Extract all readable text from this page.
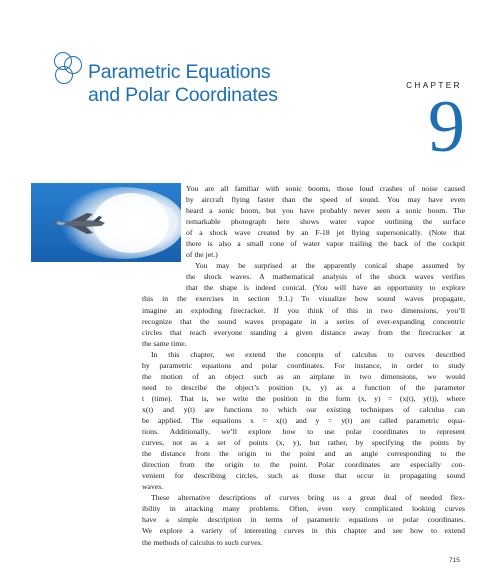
Parametric Equations
and Polar Coordinates	CHAPTER
9
You are all familiar with sonic booms, those loud crashes of noise caused
by aircraft flying faster than the speed of sound. You may have even
heard a sonic boom, but you have probably never seen a sonic boom. The
remarkable photograph here shows water vapor outlining the surface
of a shock wave created by an F-18 jet flying supersonically. (Note that
there is also a small cone of water vapor trailing the back of the cockpit
of the jet.)
You may be surprised at the apparently conical shape assumed by
the shock waves. A mathematical analysis of the shock waves verifies
that the shape is indeed conical. (You will have an opportunity to explore
this in the exercises in section 9.1.) To visualize how sound waves propagate,
imagine an exploding firecracker. If you think of this in two dimensions, you’ll
recognize that the sound waves propagate in a series of ever-expanding concentric
circles that reach everyone standing a given distance away from the firecracker at
the same time.
In this chapter, we extend the concepts of calculus to curves described
by parametric equations and polar coordinates. For instance, in order to study
the motion of an object such as an airplane in two dimensions, we would
need to describe the object’s position (x, y) as a function of the parameter
t (time). That is, we write the position in the form (x, y) = (x(t), y(t)), where
x(t) and y(t) are functions to which our existing techniques of calculus can
be applied. The equations x = x(t) and y = y(t) are called parametric equa-
tions. Additionally, we’ll explore how to use polar coordinates to represent
curves, not as a set of points (x, y), but rather, by specifying the points by
the distance from the origin to the point and an angle corresponding to the
direction from the origin to the point. Polar coordinates are especially con-
venient for describing circles, such as those that occur in propagating sound
waves.
These alternative descriptions of curves bring us a great deal of needed flex-
ibility in attacking many problems. Often, even very complicated looking curves
have a simple description in terms of parametric equations or polar coordinates.
We explore a variety of interesting curves in this chapter and see how to extend
the methods of calculus to such curves.
715
